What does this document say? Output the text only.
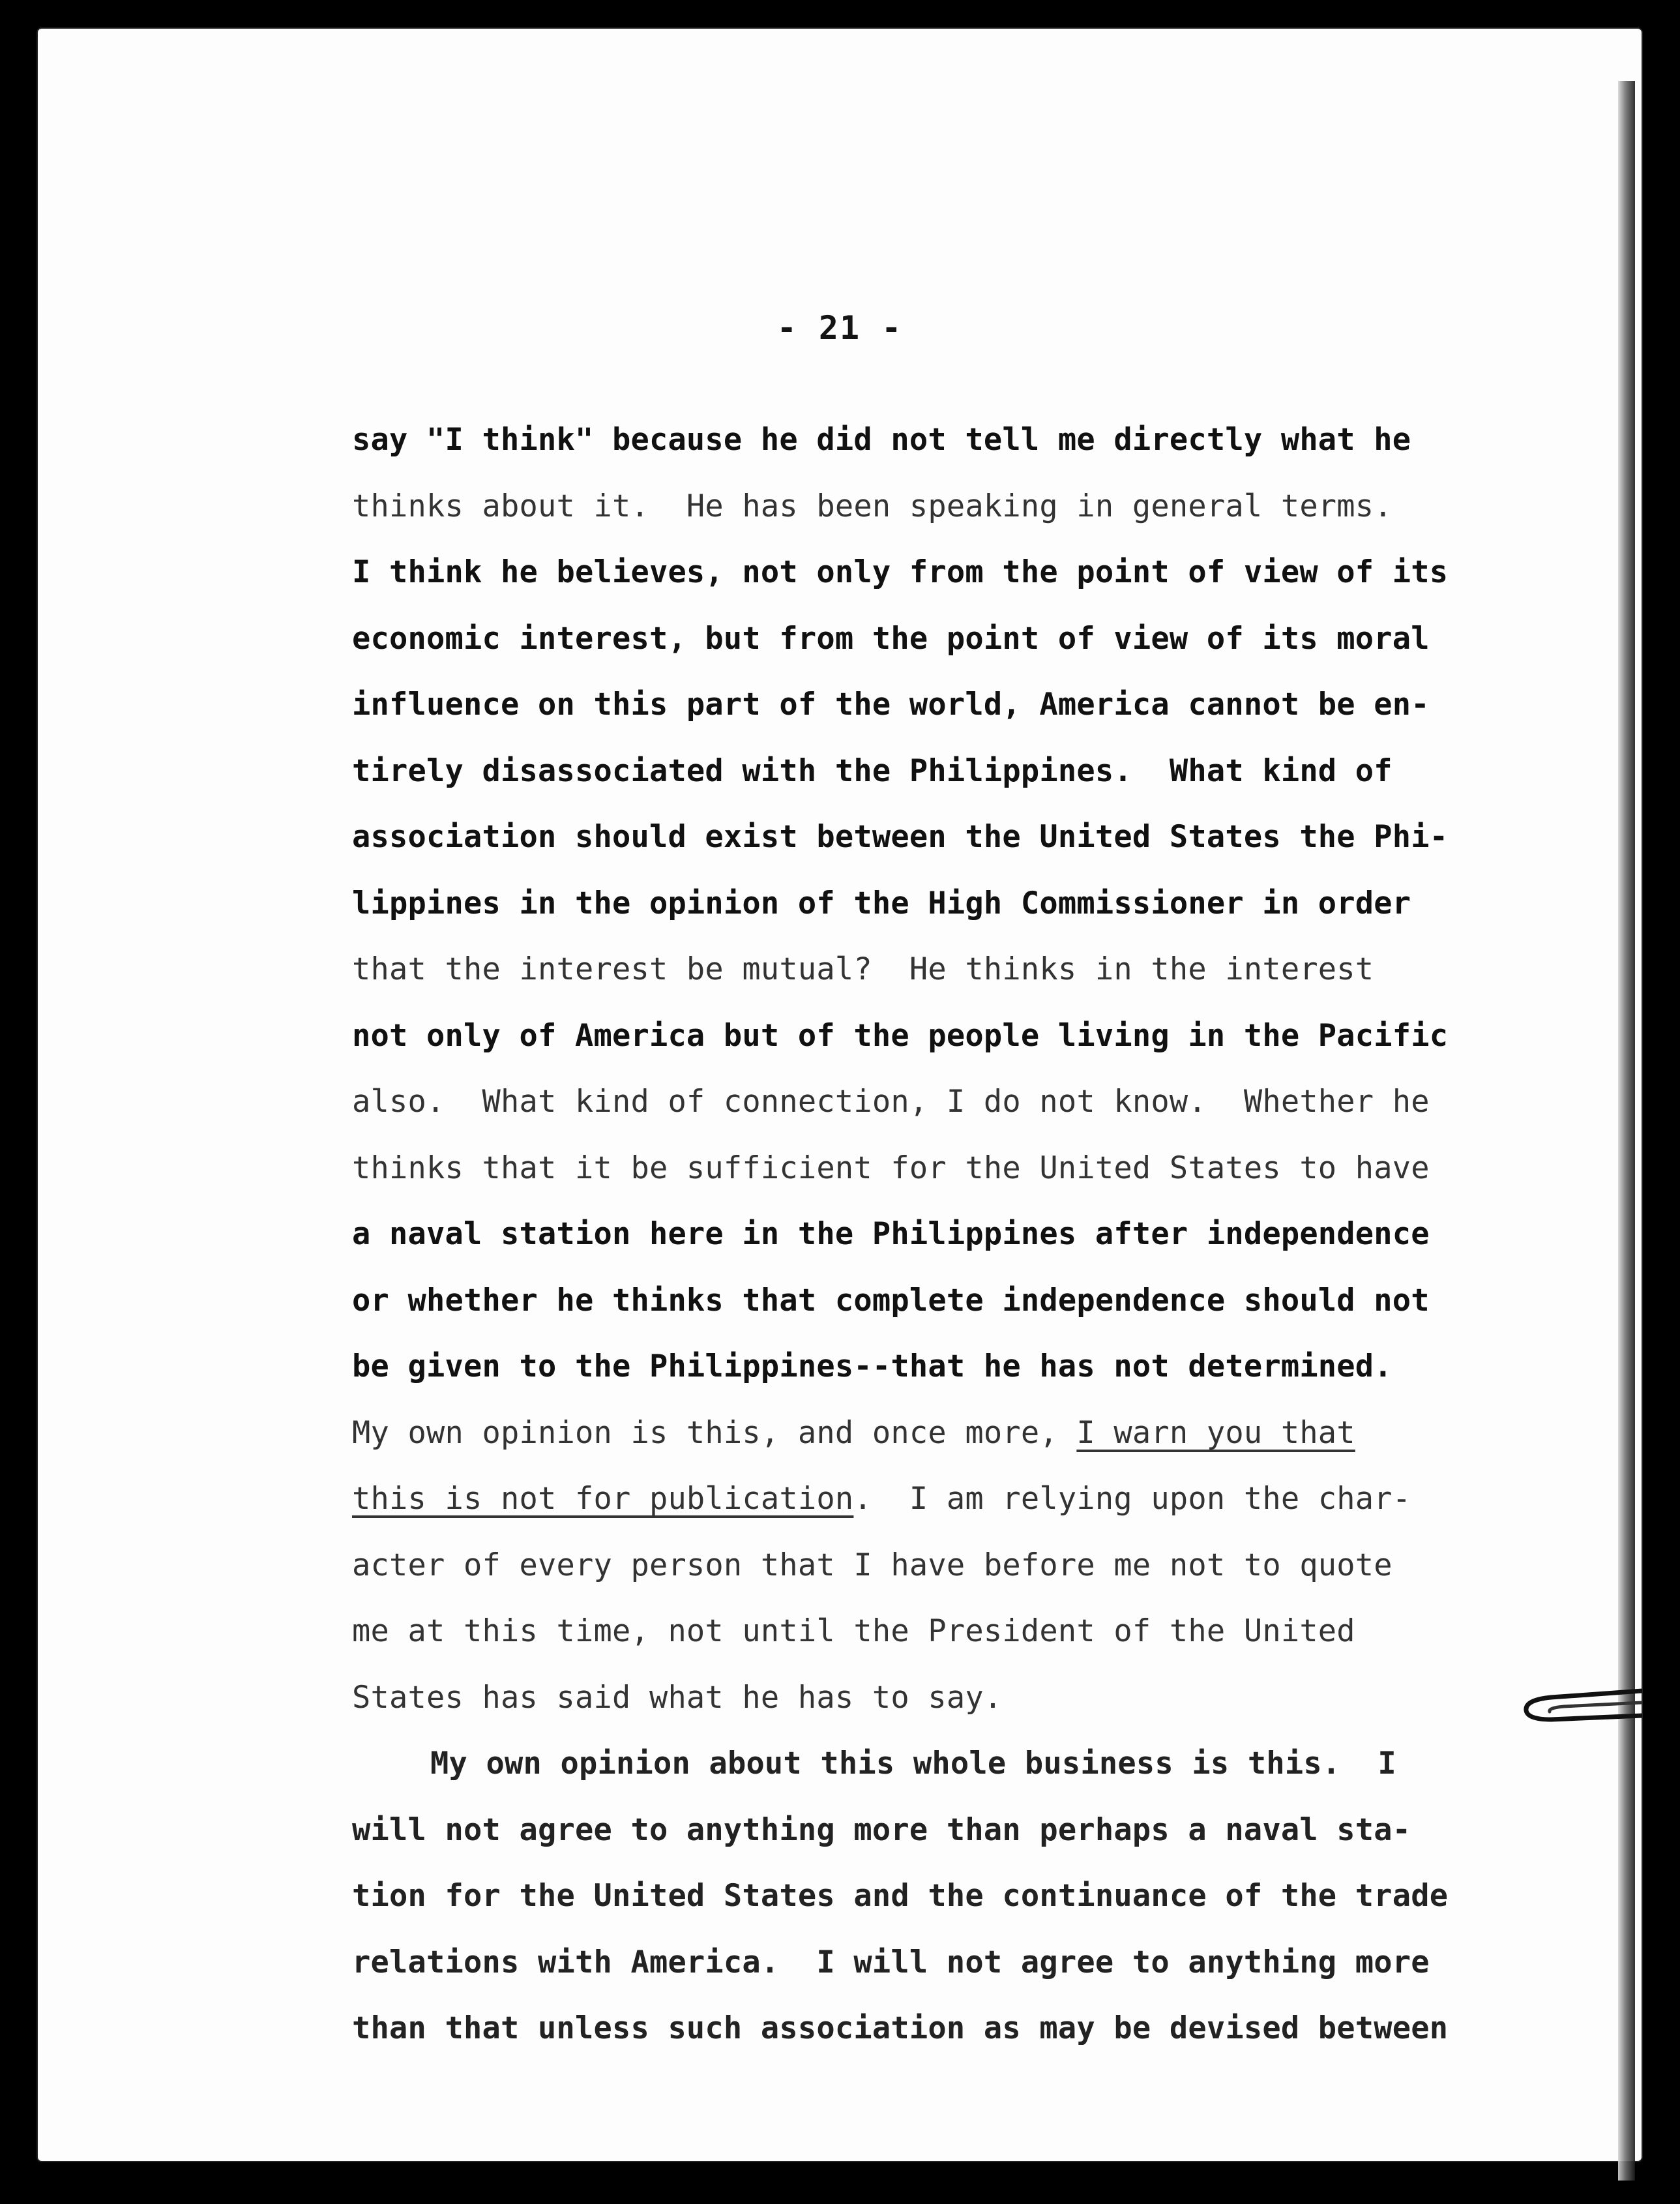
- 21 -
say "I think" because he did not tell me directly what he
thinks about it.  He has been speaking in general terms.
I think he believes, not only from the point of view of its
economic interest, but from the point of view of its moral
influence on this part of the world, America cannot be en-
tirely disassociated with the Philippines.  What kind of
association should exist between the United States the Phi-
lippines in the opinion of the High Commissioner in order
that the interest be mutual?  He thinks in the interest
not only of America but of the people living in the Pacific
also.  What kind of connection, I do not know.  Whether he
thinks that it be sufficient for the United States to have
a naval station here in the Philippines after independence
or whether he thinks that complete independence should not
be given to the Philippines--that he has not determined.
My own opinion is this, and once more, I warn you that
this is not for publication.  I am relying upon the char-
acter of every person that I have before me not to quote
me at this time, not until the President of the United
States has said what he has to say.
My own opinion about this whole business is this.  I
will not agree to anything more than perhaps a naval sta-
tion for the United States and the continuance of the trade
relations with America.  I will not agree to anything more
than that unless such association as may be devised between
